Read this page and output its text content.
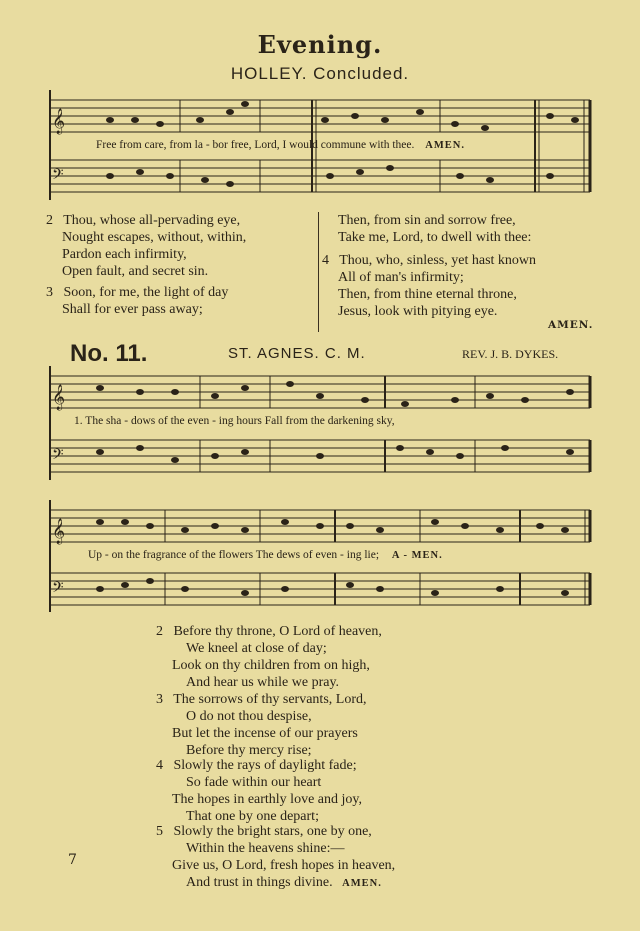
Evening.
HOLLEY. Concluded.
𝄞
𝄞
𝄞
𝄢
𝄢
𝄢
Free from care, from la - bor free, Lord, I would commune with thee. AMEN.
2 Thou, whose all-pervading eye,
Nought escapes, without, within,
Pardon each infirmity,
Open fault, and secret sin.
3 Soon, for me, the light of day
Shall for ever pass away;
Then, from sin and sorrow free,
Take me, Lord, to dwell with thee:
4 Thou, who, sinless, yet hast known
All of man's infirmity;
Then, from thine eternal throne,
Jesus, look with pitying eye.
AMEN.
No. 11.	ST. AGNES. C. M.	REV. J. B. DYKES.
1. The sha - dows of the even - ing hours Fall from the darkening sky,
Up - on the fragrance of the flowers The dews of even - ing lie; A - MEN.
2 Before thy throne, O Lord of heaven,
We kneel at close of day;
Look on thy children from on high,
And hear us while we pray.
3 The sorrows of thy servants, Lord,
O do not thou despise,
But let the incense of our prayers
Before thy mercy rise;
4 Slowly the rays of daylight fade;
So fade within our heart
The hopes in earthly love and joy,
That one by one depart;
5 Slowly the bright stars, one by one,
Within the heavens shine:—
Give us, O Lord, fresh hopes in heaven,
And trust in things divine. AMEN.
7
